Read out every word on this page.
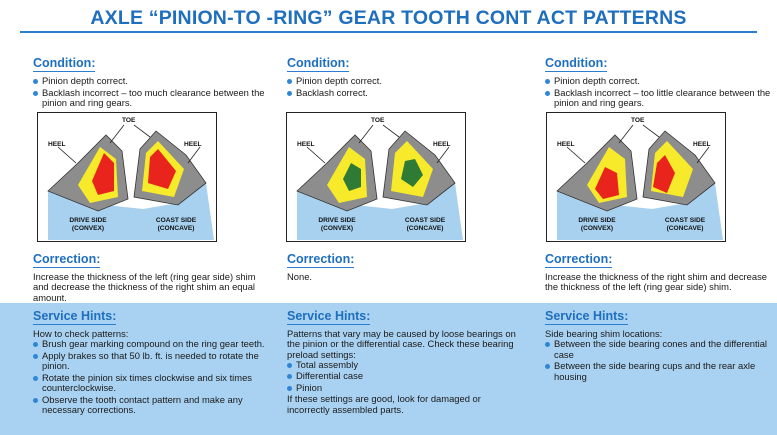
AXLE “PINION-TO -RING” GEAR TOOTH CONT ACT PATTERNS
Condition:
Pinion depth correct.
Backlash incorrect – too much clearance between the pinion and ring gears.
Condition:
Pinion depth correct.
Backlash correct.
Condition:
Pinion depth correct.
Backlash incorrect – too little clearance between the pinion and ring gears.
TOE
HEEL	HEEL
DRIVE SIDE
(CONVEX)
COAST SIDE
(CONCAVE)
TOE
HEEL	HEEL
DRIVE SIDE
(CONVEX)
COAST SIDE
(CONCAVE)
TOE
HEEL	HEEL
DRIVE SIDE
(CONVEX)
COAST SIDE
(CONCAVE)
Correction:

Increase the thickness of the left (ring gear side) shim and decrease the thickness of the right shim an equal amount.

Correction:

None.

Correction:

Increase the thickness of the right shim and decrease the thickness of the left (ring gear side) shim.

Service Hints:

How to check patterns:

Brush gear marking compound on the ring gear teeth.
Apply brakes so that 50 lb. ft. is needed to rotate the pinion.
Rotate the pinion six times clockwise and six times counterclockwise.
Observe the tooth contact pattern and make any necessary corrections.
Service Hints:

Patterns that vary may be caused by loose bearings on the pinion or the differential case. Check these bearing preload settings:

Total assembly
Differential case
Pinion

If these settings are good, look for damaged or incorrectly assembled parts.

Service Hints:

Side bearing shim locations:

Between the side bearing cones and the differential case
Between the side bearing cups and the rear axle housing
